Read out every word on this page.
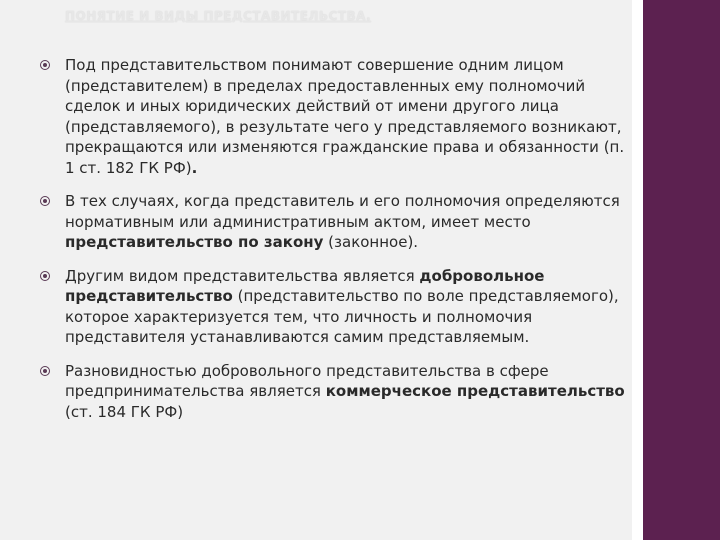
ПОНЯТИЕ И ВИДЫ ПРЕДСТАВИТЕЛЬСТВА.
Под представительством понимают совершение одним лицом (представителем) в пределах предоставленных ему полномочий сделок и иных юридических действий от имени другого лица (представляемого), в результате чего у представляемого возникают, прекращаются или изменяются гражданские права и обязанности (п. 1 ст. 182 ГК РФ).
В тех случаях, когда представитель и его полномочия определяются нормативным или административным актом, имеет место представительство по закону (законное).
Другим видом представительства является добровольное представительство (представительство по воле представляемого), которое характеризуется тем, что личность и полномочия представителя устанавливаются самим представляемым.
Разновидностью добровольного представительства в сфере предпринимательства является коммерческое представительство (ст. 184 ГК РФ)
